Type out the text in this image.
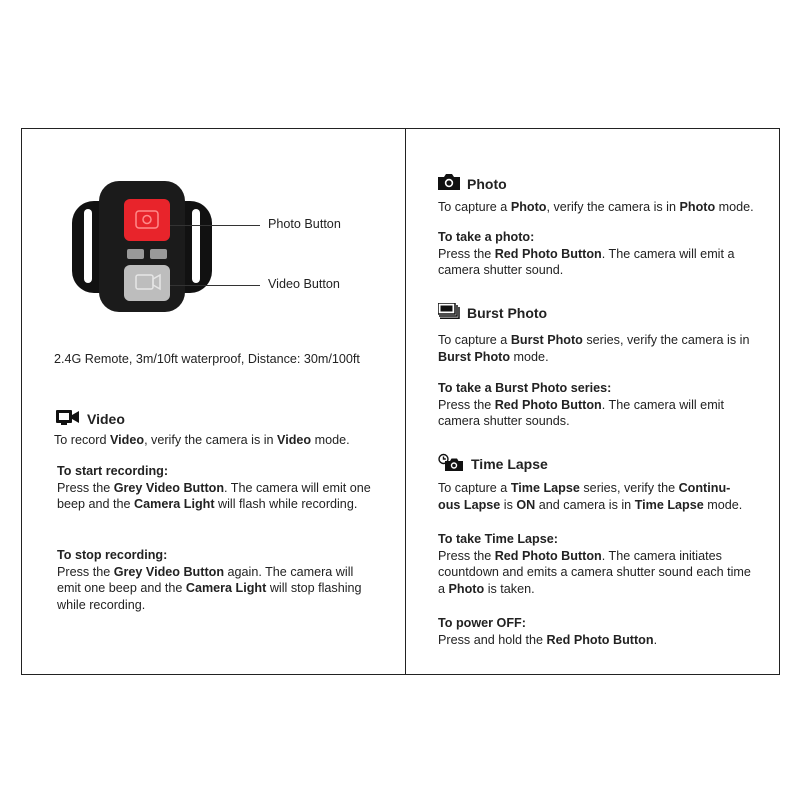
Photo Button
Video Button

2.4G Remote, 3m/10ft waterproof, Distance: 30m/100ft

Video

To record Video, verify the camera is in Video mode.

To start recording:
Press the Grey Video Button. The camera will emit one beep and the Camera Light will flash while recording.

To stop recording:
Press the Grey Video Button again. The camera will emit one beep and the Camera Light will stop flashing while recording.

Photo

To capture a Photo, verify the camera is in Photo mode.

To take a photo:
Press the Red Photo Button. The camera will emit a camera shutter sound.

Burst Photo

To capture a Burst Photo series, verify the camera is in Burst Photo mode.

To take a Burst Photo series:
Press the Red Photo Button. The camera will emit camera shutter sounds.

Time Lapse

To capture a Time Lapse series, verify the Continu-ous Lapse is ON and camera is in Time Lapse mode.

To take Time Lapse:
Press the Red Photo Button. The camera initiates countdown and emits a camera shutter sound each time a Photo is taken.

To power OFF:
Press and hold the Red Photo Button.
